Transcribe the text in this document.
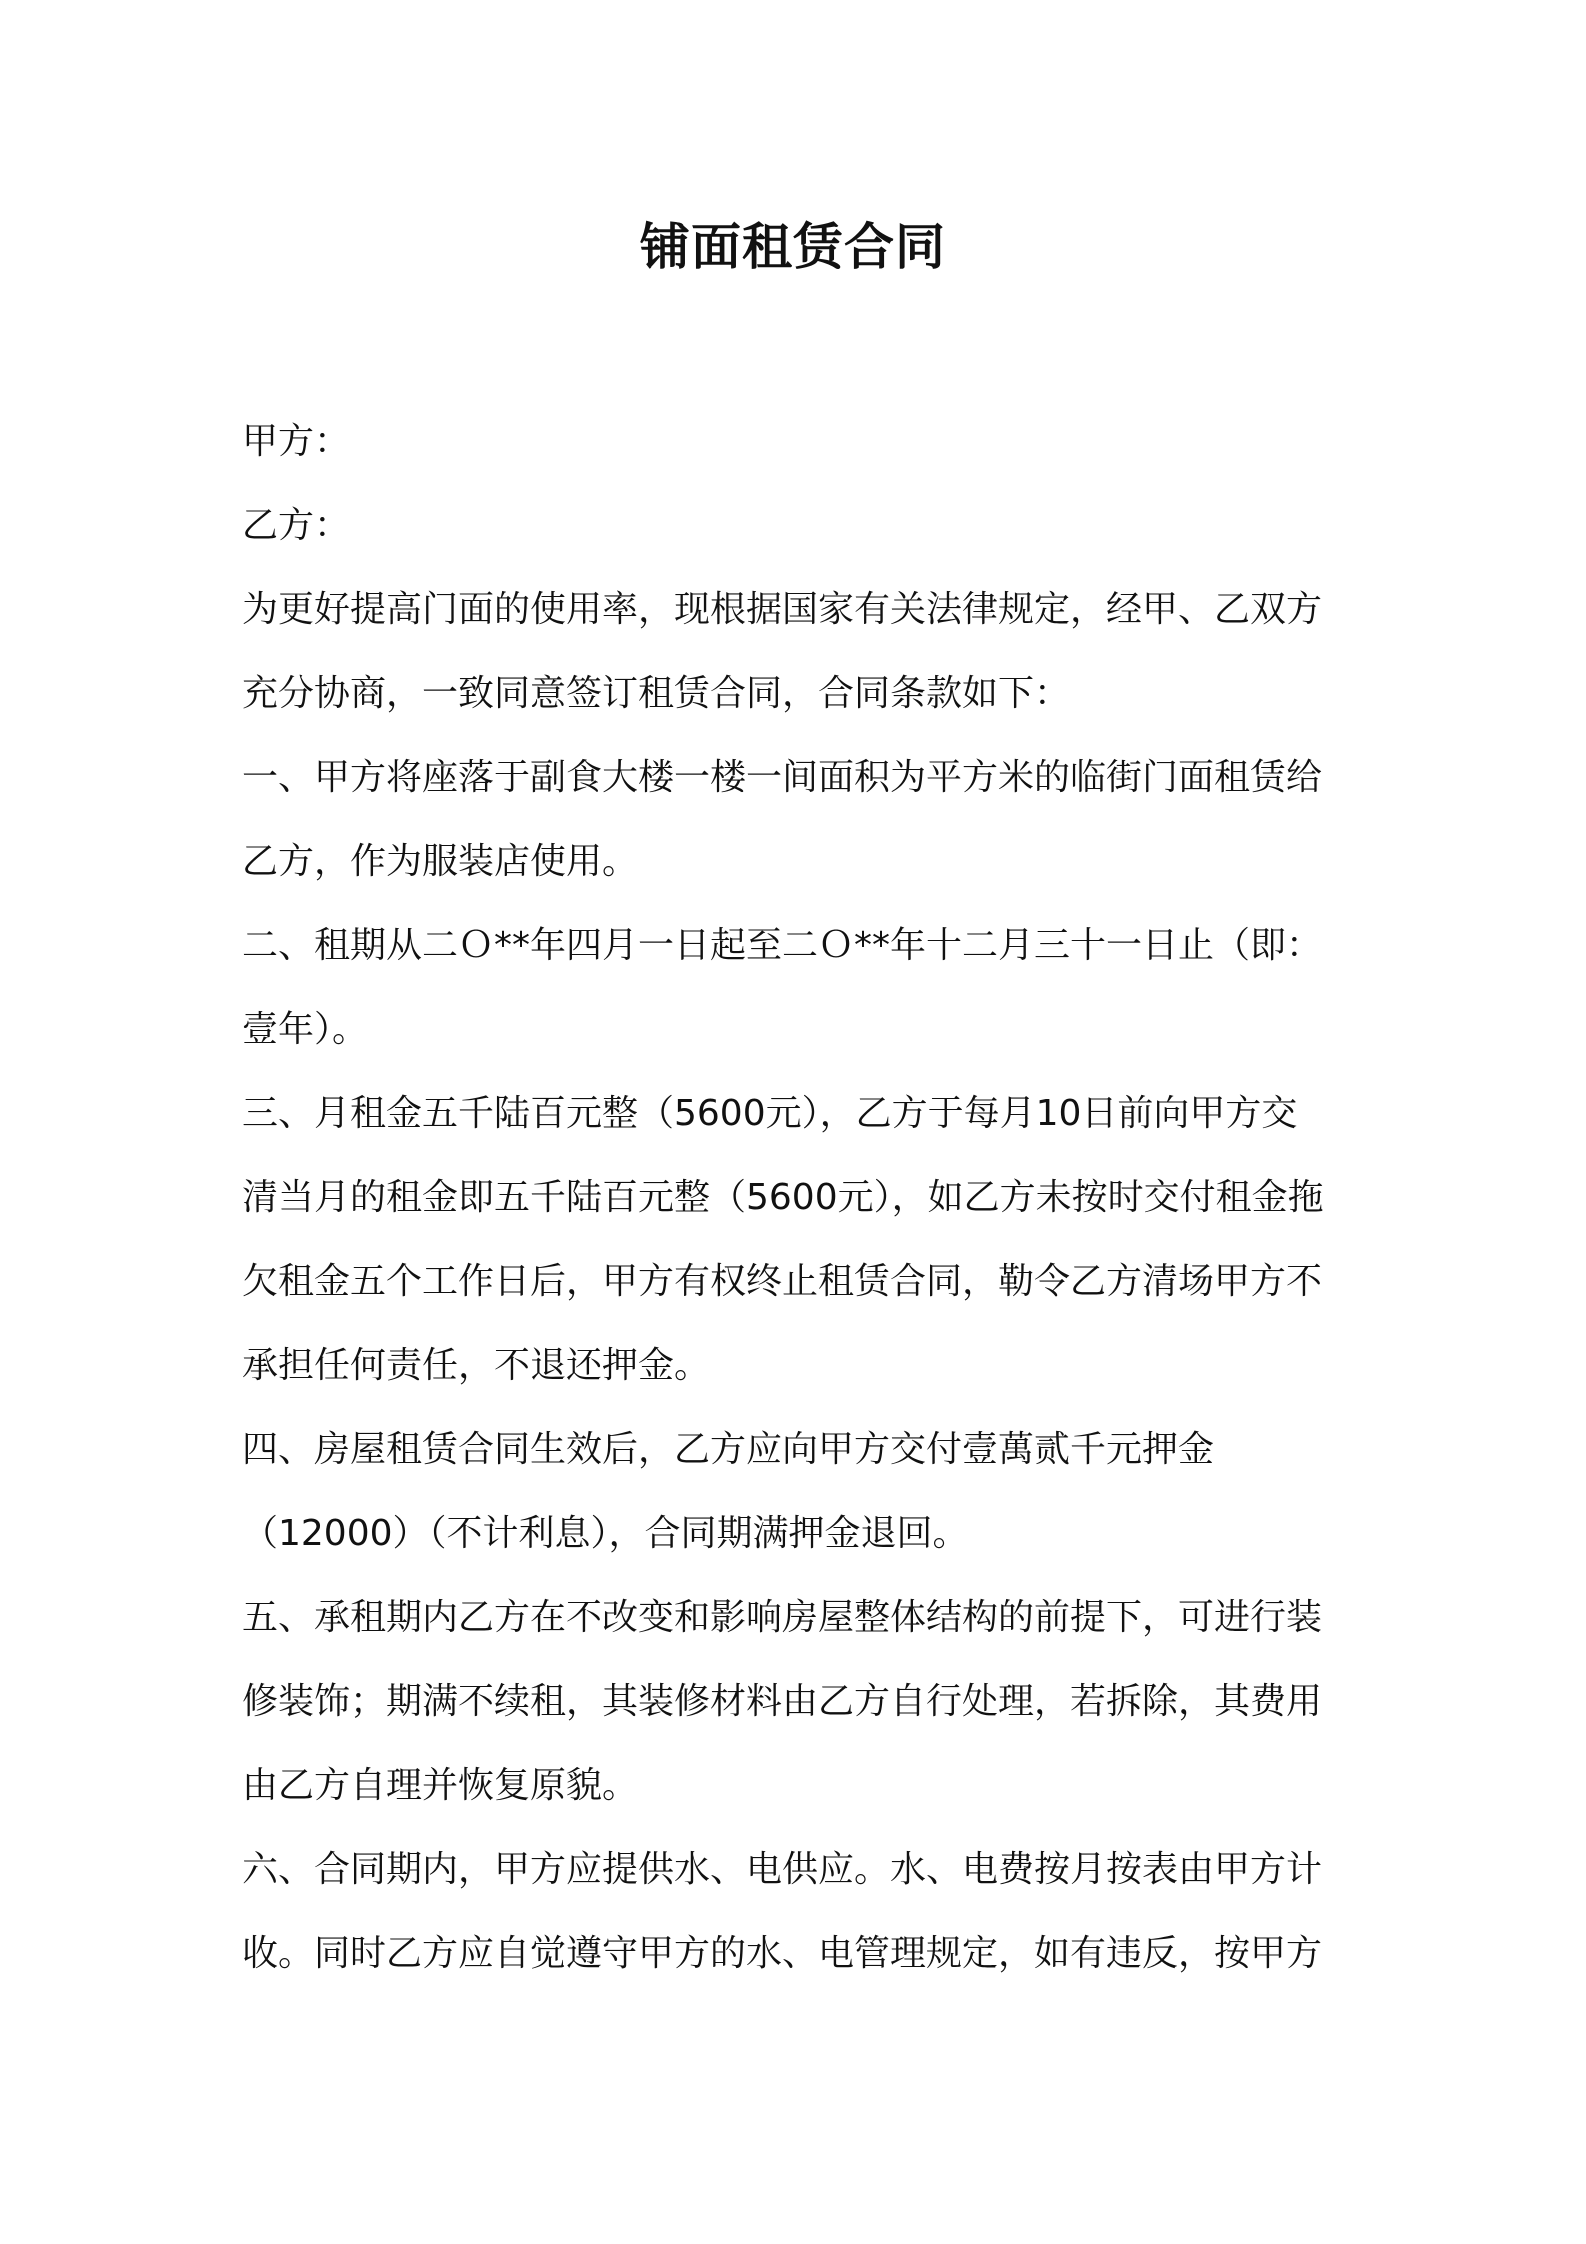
铺面租赁合同
甲方：
乙方：
为更好提高门面的使用率，现根据国家有关法律规定，经甲、乙双方
充分协商，一致同意签订租赁合同，合同条款如下：
一、甲方将座落于副食大楼一楼一间面积为平方米的临街门面租赁给
乙方，作为服装店使用。
二、租期从二Ｏ**年四月一日起至二Ｏ**年十二月三十一日止（即：
壹年）。
三、月租金五千陆百元整（5600元），乙方于每月10日前向甲方交
清当月的租金即五千陆百元整（5600元），如乙方未按时交付租金拖
欠租金五个工作日后，甲方有权终止租赁合同，勒令乙方清场甲方不
承担任何责任，不退还押金。
四、房屋租赁合同生效后，乙方应向甲方交付壹萬贰千元押金
（12000）（不计利息），合同期满押金退回。
五、承租期内乙方在不改变和影响房屋整体结构的前提下，可进行装
修装饰；期满不续租，其装修材料由乙方自行处理，若拆除，其费用
由乙方自理并恢复原貌。
六、合同期内，甲方应提供水、电供应。水、电费按月按表由甲方计
收。同时乙方应自觉遵守甲方的水、电管理规定，如有违反，按甲方
